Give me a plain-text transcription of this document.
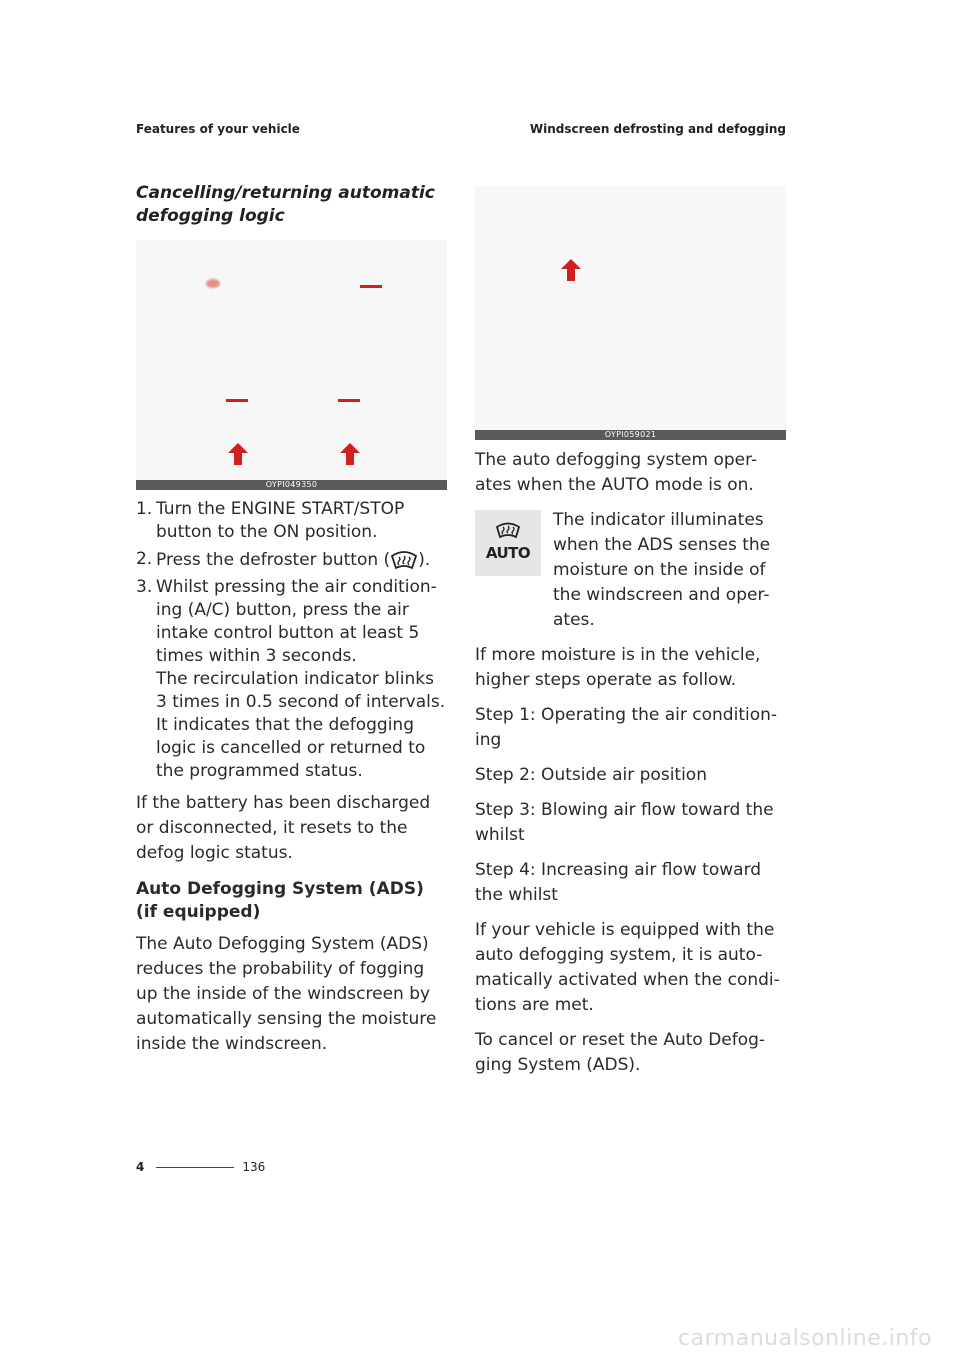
Features of your vehicle	Windscreen defrosting and defogging
Cancelling/returning automatic defogging logic
OYPI049350
OYPI059021
1. Turn the ENGINE START/STOP button to the ON position.
2. Press the defroster button ( ).
3. Whilst pressing the air condition-ing (A/C) button, press the air intake control button at least 5 times within 3 seconds.
The recirculation indicator blinks 3 times in 0.5 second of intervals. It indicates that the defogging logic is cancelled or returned to the programmed status.

If the battery has been discharged or disconnected, it resets to the defog logic status.

Auto Defogging System (ADS) (if equipped)

The Auto Defogging System (ADS) reduces the probability of fogging up the inside of the windscreen by automatically sensing the moisture inside the windscreen.

The auto defogging system oper-ates when the AUTO mode is on.

AUTO
The indicator illuminates when the ADS senses the moisture on the inside of the windscreen and oper-ates.

If more moisture is in the vehicle, higher steps operate as follow.

Step 1: Operating the air condition-ing

Step 2: Outside air position

Step 3: Blowing air flow toward the whilst

Step 4: Increasing air flow toward the whilst

If your vehicle is equipped with the auto defogging system, it is auto-matically activated when the condi-tions are met.

To cancel or reset the Auto Defog-ging System (ADS).

4	136
carmanualsonline.info
